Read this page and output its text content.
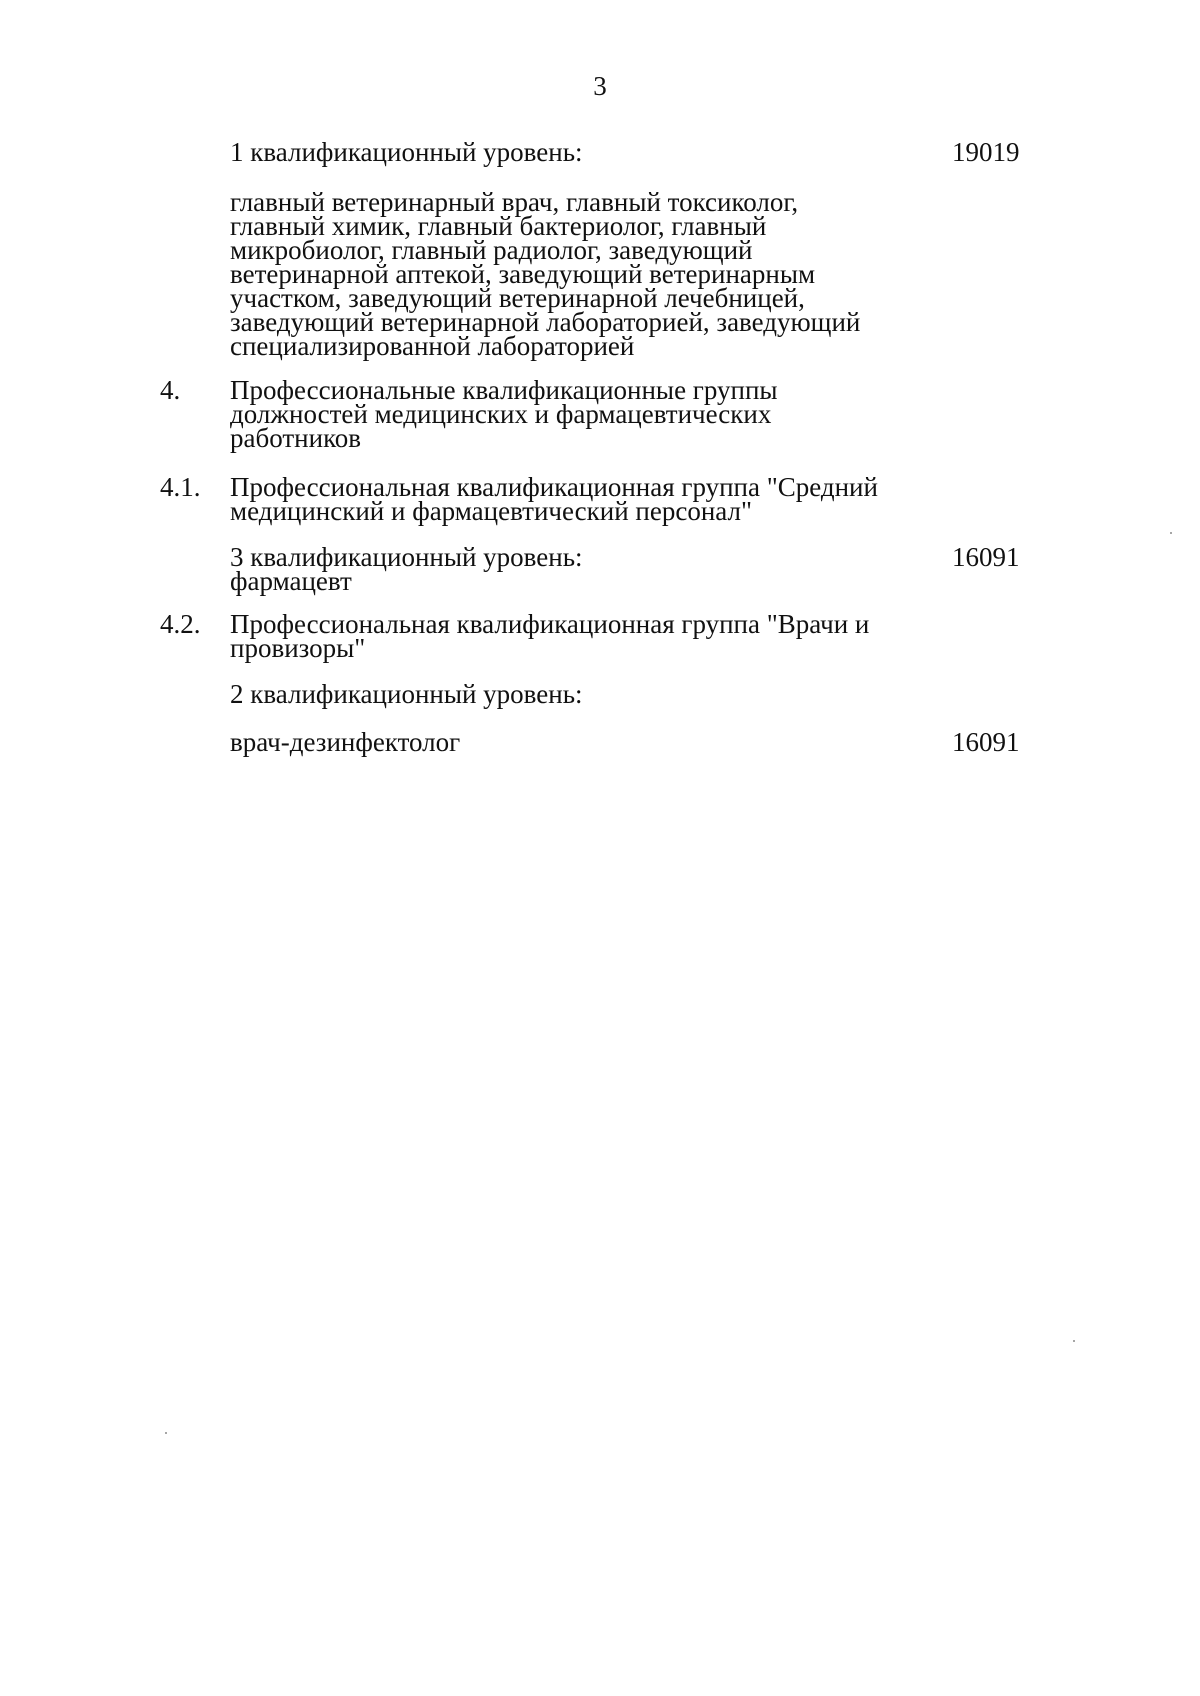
3
1 квалификационный уровень:	19019
главный ветеринарный врач, главный токсиколог,
главный химик, главный бактериолог, главный
микробиолог, главный радиолог, заведующий
ветеринарной аптекой, заведующий ветеринарным
участком, заведующий ветеринарной лечебницей,
заведующий ветеринарной лабораторией, заведующий
специализированной лабораторией
4. Профессиональные квалификационные группы
должностей медицинских и фармацевтических
работников
4.1. Профессиональная квалификационная группа "Средний
медицинский и фармацевтический персонал"
3 квалификационный уровень:
фармацевт
16091
4.2. Профессиональная квалификационная группа "Врачи и
провизоры"
2 квалификационный уровень:
врач-дезинфектолог	16091
